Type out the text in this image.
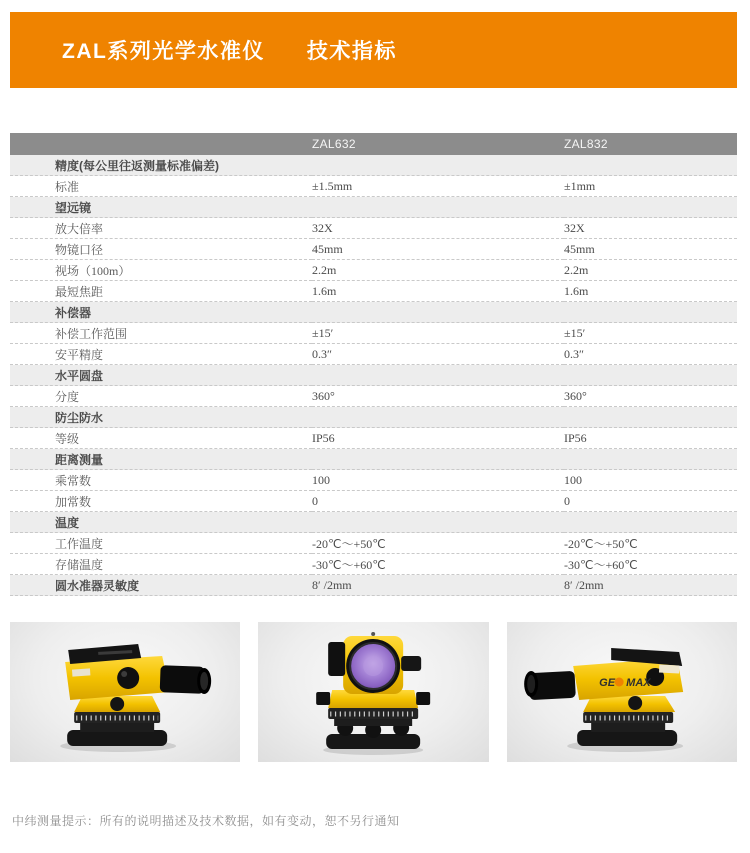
ZAL系列光学水准仪 技术指标
	ZAL632	ZAL832
精度(每公里往返测量标准偏差)		
标准	±1.5mm	±1mm
望远镜		
放大倍率	32X	32X
物镜口径	45mm	45mm
视场（100m）	2.2m	2.2m
最短焦距	1.6m	1.6m
补偿器		
补偿工作范围	±15′	±15′
安平精度	0.3″	0.3″
水平圆盘		
分度	360°	360°
防尘防水		
等级	IP56	IP56
距离测量		
乘常数	100	100
加常数	0	0
温度		
工作温度	-20℃～+50℃	-20℃～+50℃
存储温度	-30℃～+60℃	-30℃～+60℃
圆水准器灵敏度	8′ /2mm	8′ /2mm
GE MAX
中纬测量提示：所有的说明描述及技术数据，如有变动，恕不另行通知
